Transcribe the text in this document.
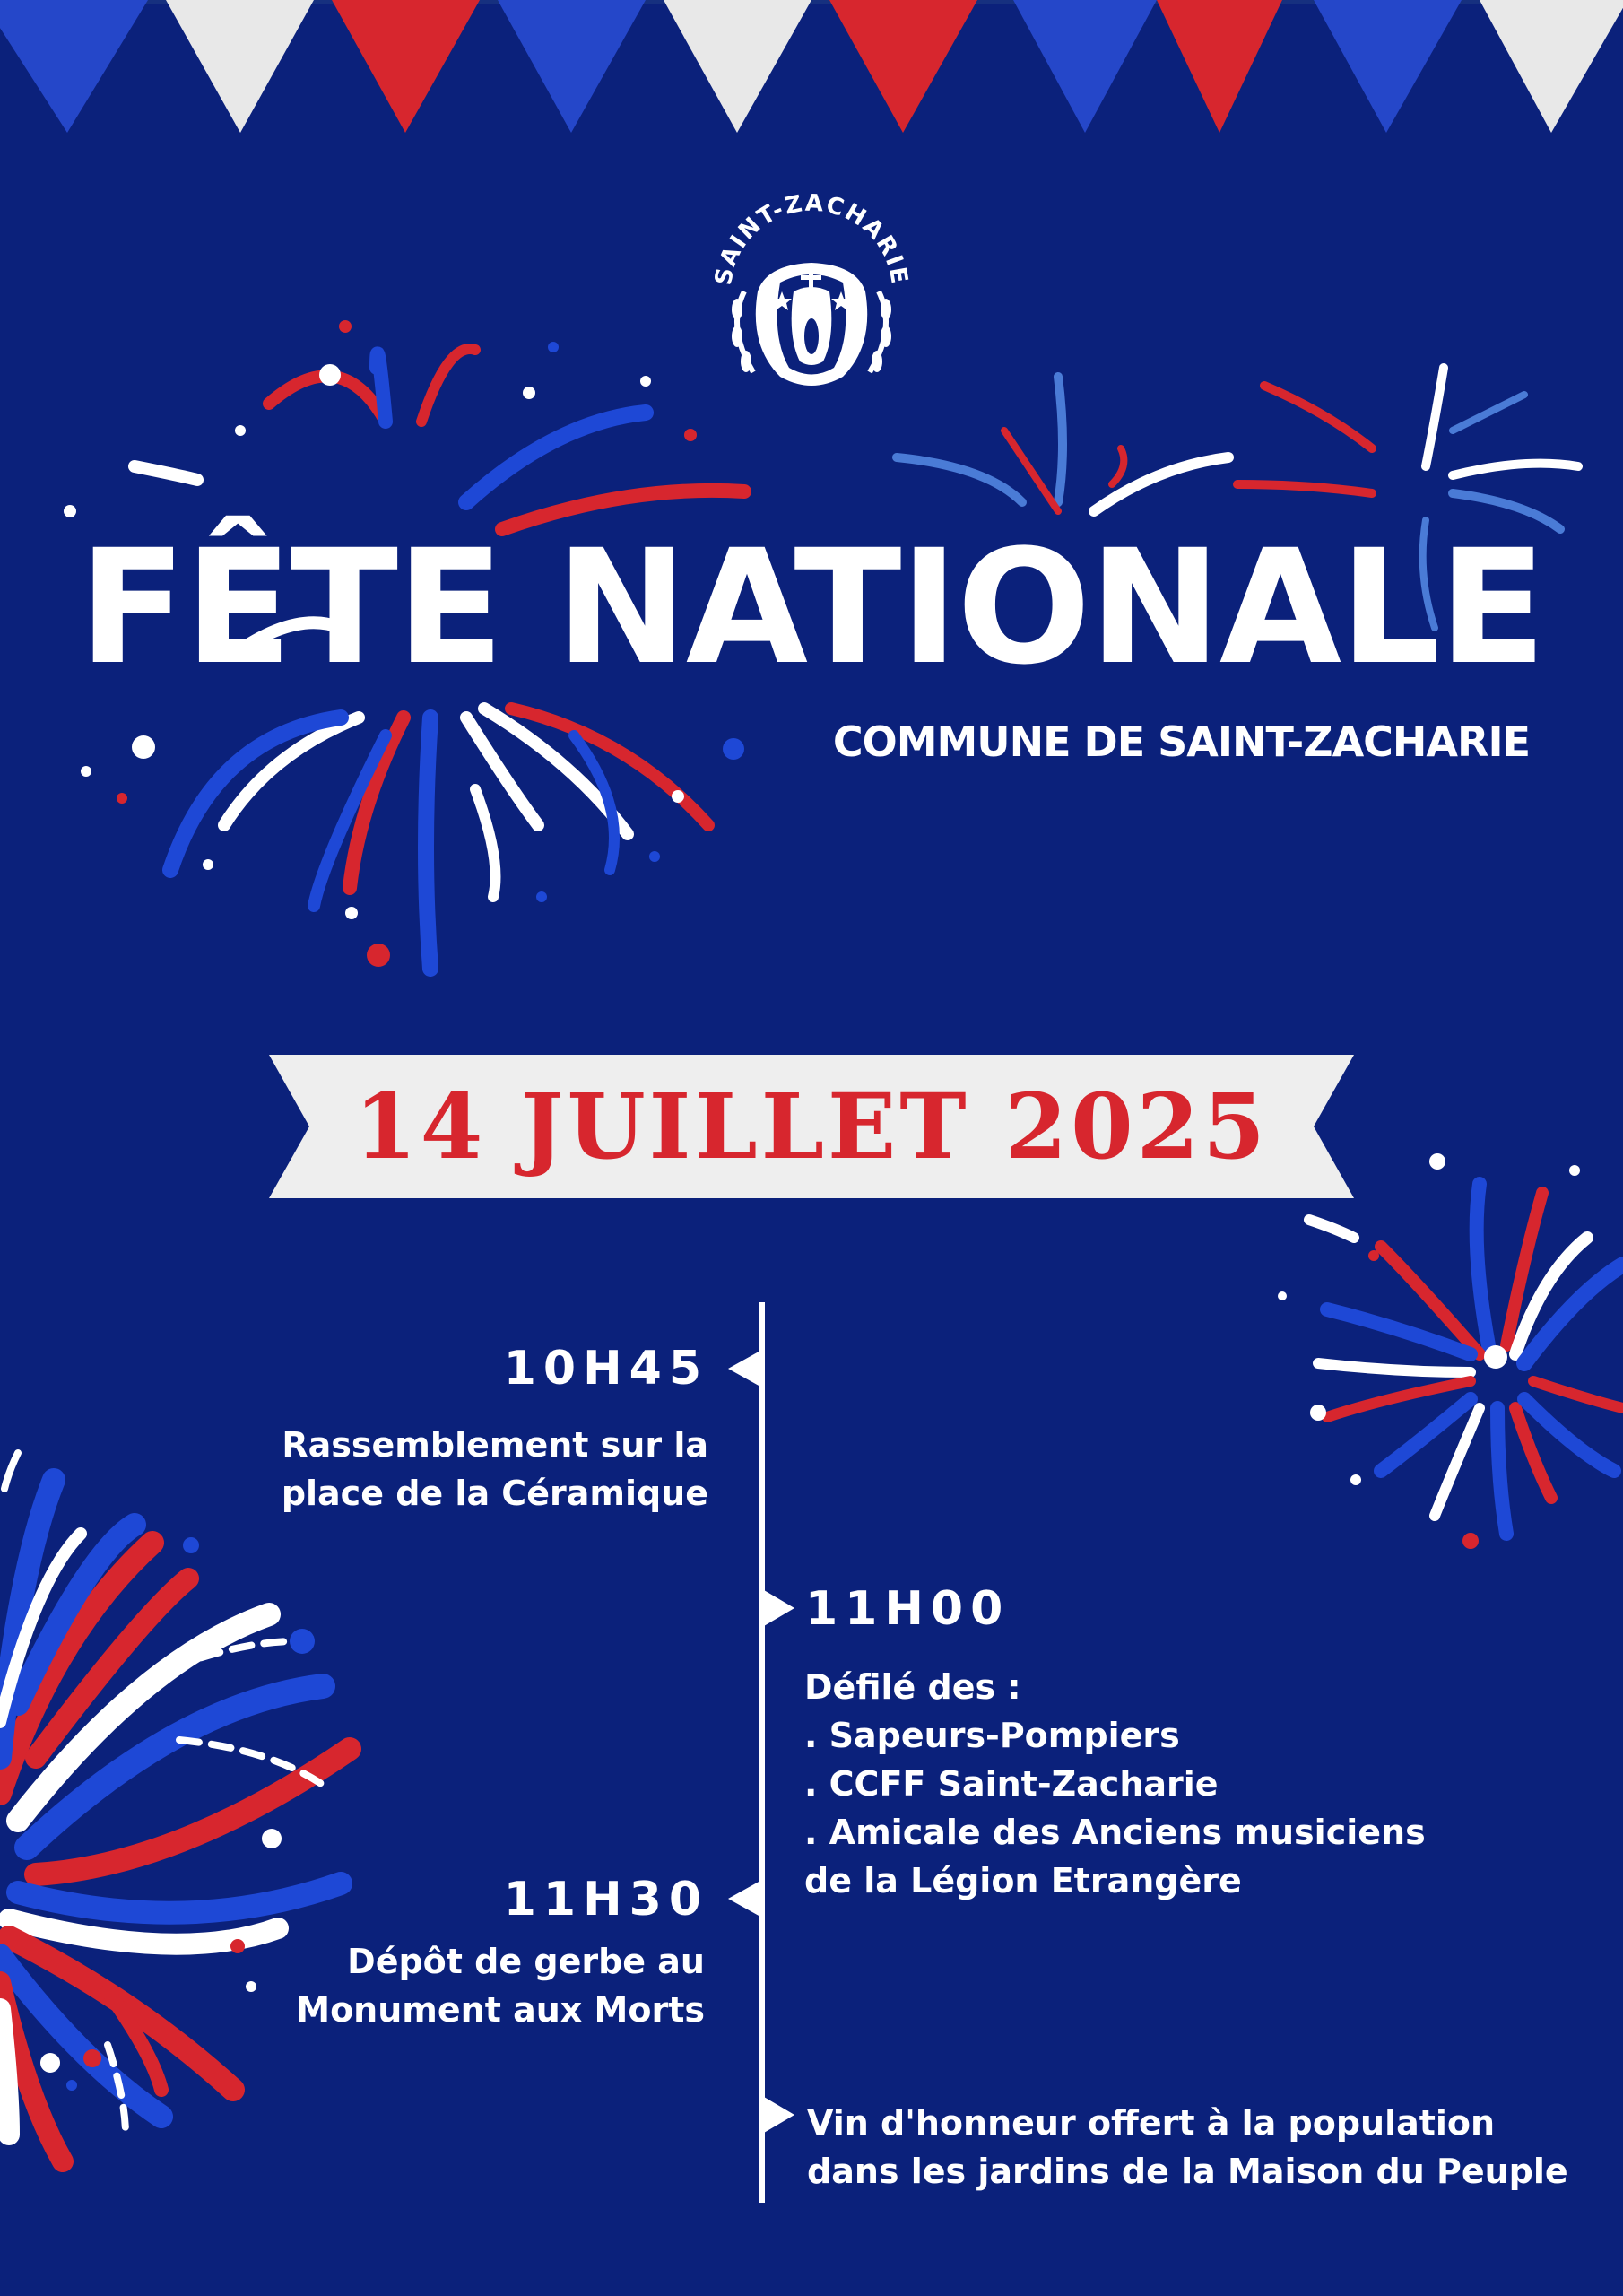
SAINT-ZACHARIE
FÊTE NATIONALE
COMMUNE DE SAINT-ZACHARIE
14 JUILLET 2025
10H45
Rassemblement sur la
place de la Céramique
11H00
Défilé des :
. Sapeurs-Pompiers
. CCFF Saint-Zacharie
. Amicale des Anciens musiciens
de la Légion Etrangère
11H30
Dépôt de gerbe au
Monument aux Morts
Vin d'honneur offert à la population
dans les jardins de la Maison du Peuple
